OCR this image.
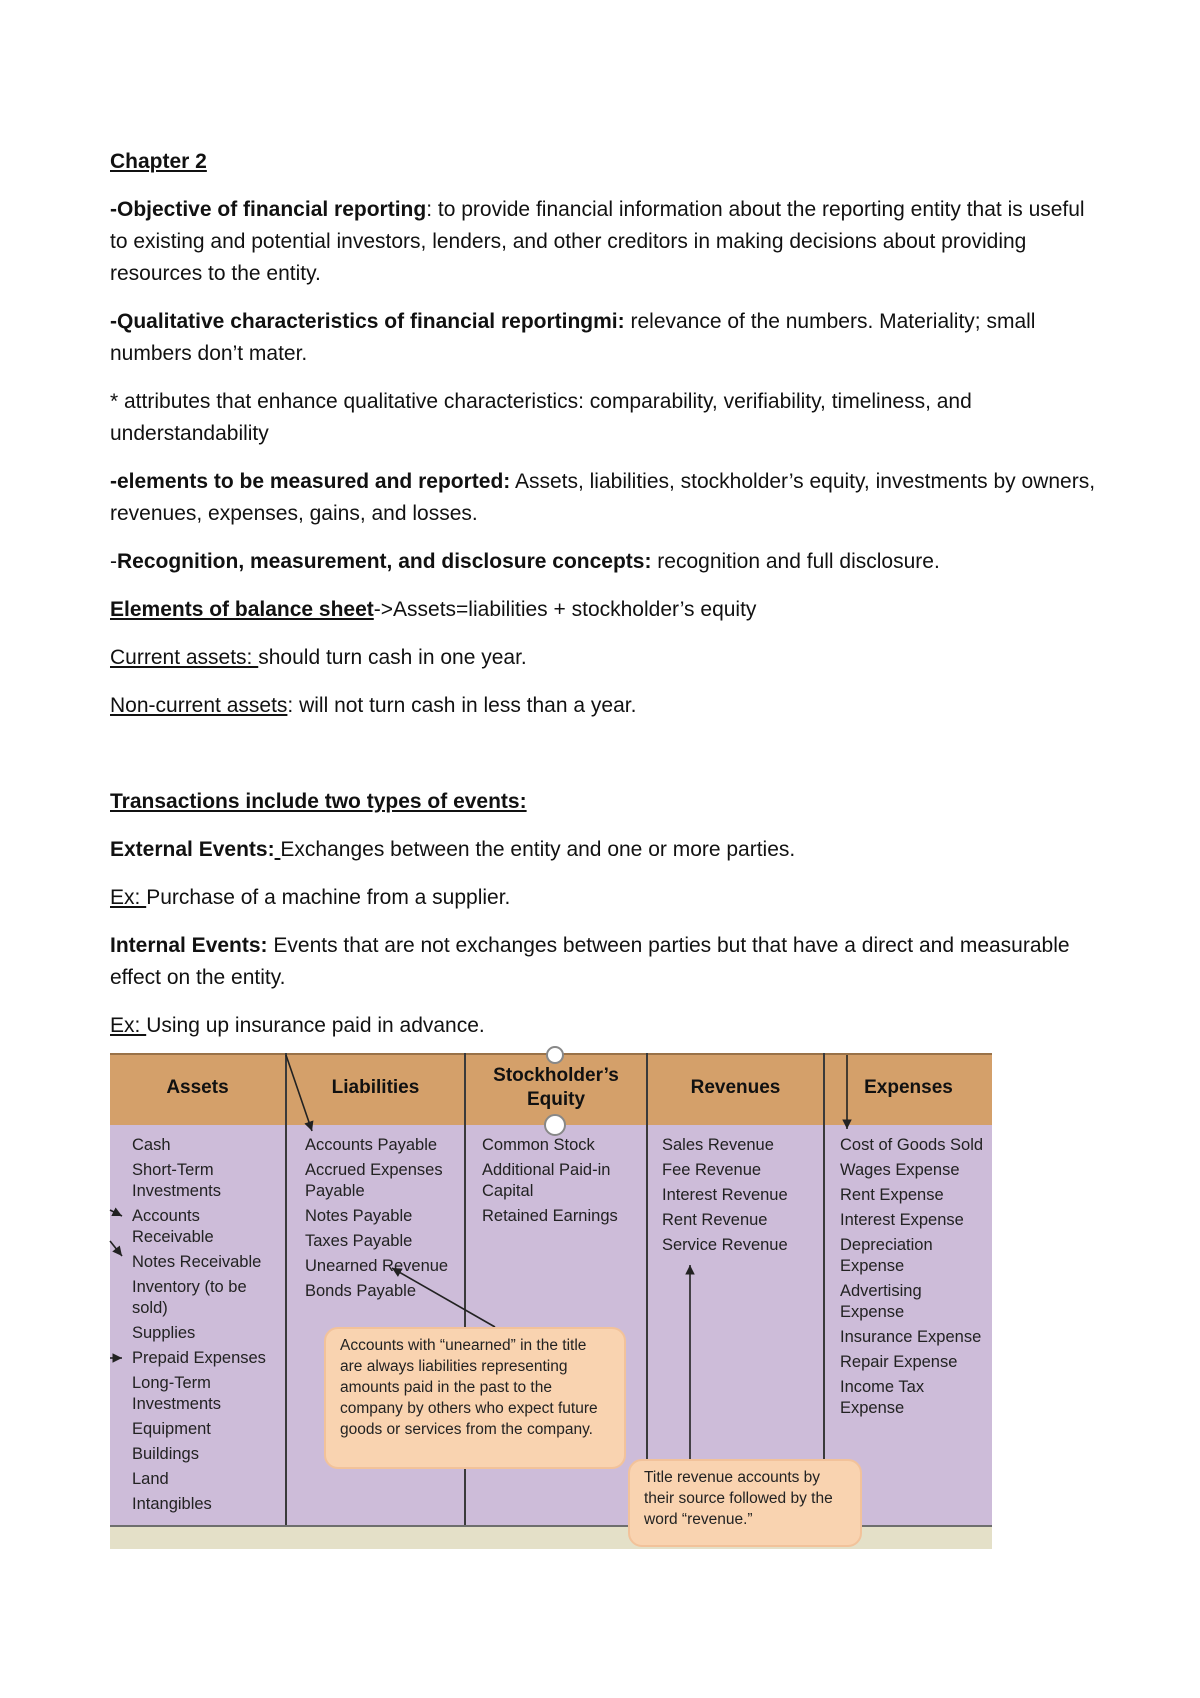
Chapter 2

-Objective of financial reporting: to provide financial information about the reporting entity that is useful to existing and potential investors, lenders, and other creditors in making decisions about providing resources to the entity.

-Qualitative characteristics of financial reportingmi: relevance of the numbers. Materiality; small numbers don’t mater.

* attributes that enhance qualitative characteristics: comparability, verifiability, timeliness, and understandability

-elements to be measured and reported: Assets, liabilities, stockholder’s equity, investments by owners, revenues, expenses, gains, and losses.

-Recognition, measurement, and disclosure concepts: recognition and full disclosure.

Elements of balance sheet->Assets=liabilities + stockholder’s equity

Current assets: should turn cash in one year.

Non-current assets: will not turn cash in less than a year.

Transactions include two types of events:

External Events: Exchanges between the entity and one or more parties.

Ex: Purchase of a machine from a supplier.

Internal Events: Events that are not exchanges between parties but that have a direct and measurable effect on the entity.

Ex: Using up insurance paid in advance.

Assets	Liabilities
Stockholder’s Equity
Revenues	Expenses
Cash
Short-Term Investments
Accounts Receivable
Notes Receivable
Inventory (to be sold)
Supplies
Prepaid Expenses
Long-Term Investments
Equipment
Buildings
Land
Intangibles
Accounts Payable
Accrued Expenses Payable
Notes Payable
Taxes Payable
Unearned Revenue
Bonds Payable
Common Stock
Additional Paid-in Capital
Retained Earnings
Sales Revenue
Fee Revenue
Interest Revenue
Rent Revenue
Service Revenue
Cost of Goods Sold
Wages Expense
Rent Expense
Interest Expense
Depreciation Expense
Advertising Expense
Insurance Expense
Repair Expense
Income Tax Expense
Accounts with “unearned” in the title are always liabilities representing amounts paid in the past to the company by others who expect future goods or services from the company.
Title revenue accounts by their source followed by the word “revenue.”
